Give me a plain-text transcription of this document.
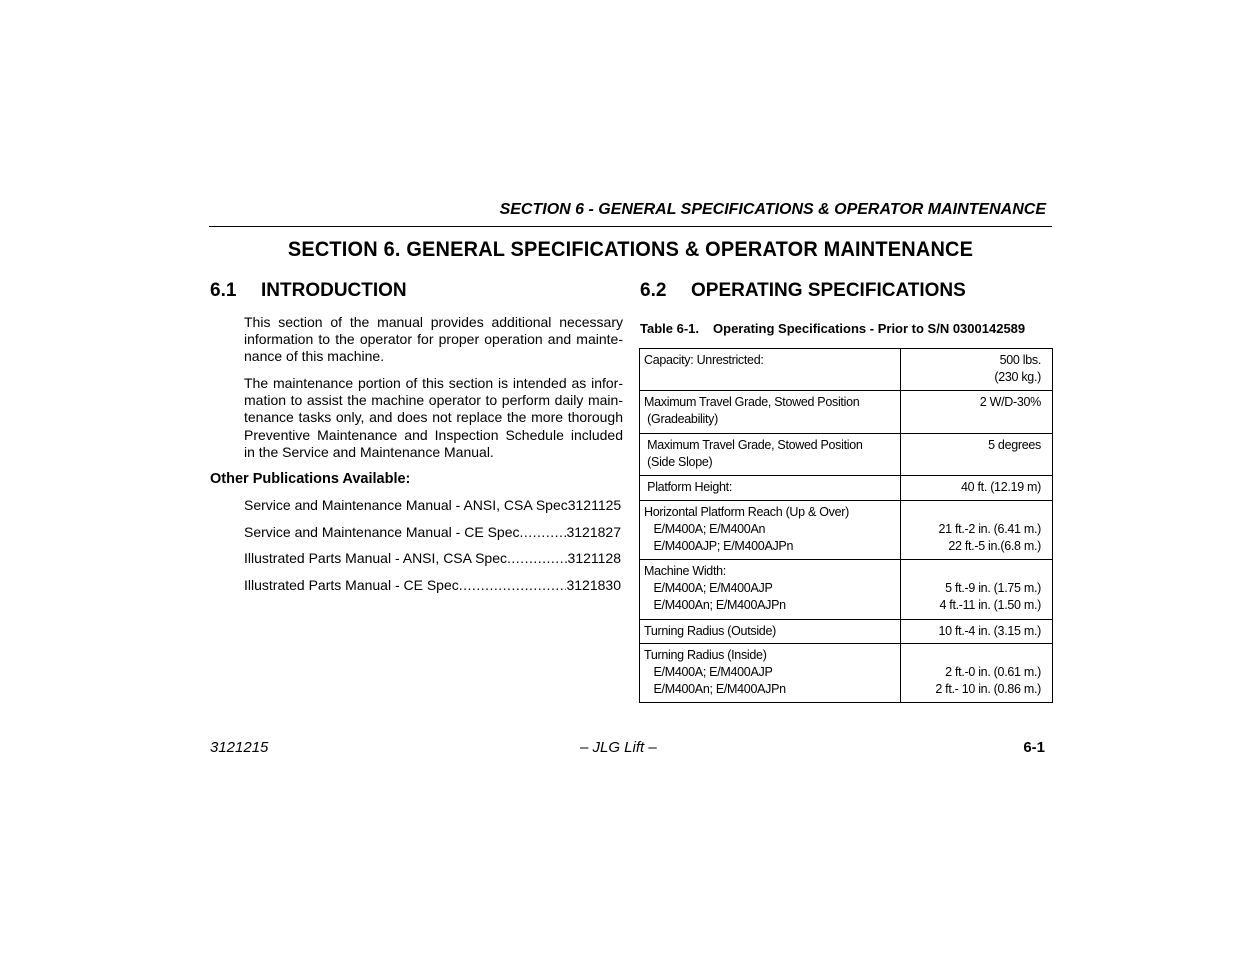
SECTION 6 - GENERAL SPECIFICATIONS & OPERATOR MAINTENANCE
SECTION 6. GENERAL SPECIFICATIONS & OPERATOR MAINTENANCE
6.1 INTRODUCTION
This section of the manual provides additional necessary
information to the operator for proper operation and mainte-
nance of this machine.
The maintenance portion of this section is intended as infor-
mation to assist the machine operator to perform daily main-
tenance tasks only, and does not replace the more thorough
Preventive Maintenance and Inspection Schedule included
in the Service and Maintenance Manual.
Other Publications Available:
Service and Maintenance Manual - ANSI, CSA Spec 3121125
Service and Maintenance Manual - CE Spec .....	3121827
Illustrated Parts Manual - ANSI, CSA Spec .....	3121128
Illustrated Parts Manual - CE Spec .....	3121830
6.2 OPERATING SPECIFICATIONS
Table 6-1. Operating Specifications - Prior to S/N 0300142589
Capacity: Unrestricted:	500 lbs.
(230 kg.)

Maximum Travel Grade, Stowed Position
(Gradeability)	2 W/D-30%

Maximum Travel Grade, Stowed Position
(Side Slope)	5 degrees

Platform Height:	40 ft. (12.19 m)

Horizontal Platform Reach (Up & Over)
E/M400A; E/M400An
E/M400AJP; E/M400AJPn	21 ft.-2 in. (6.41 m.)
22 ft.-5 in.(6.8 m.)

Machine Width:
E/M400A; E/M400AJP
E/M400An; E/M400AJPn	5 ft.-9 in. (1.75 m.)
4 ft.-11 in. (1.50 m.)

Turning Radius (Outside)	10 ft.-4 in. (3.15 m.)

Turning Radius (Inside)
E/M400A; E/M400AJP
E/M400An; E/M400AJPn	2 ft.-0 in. (0.61 m.)
2 ft.- 10 in. (0.86 m.)
3121215	– JLG Lift –	6-1
